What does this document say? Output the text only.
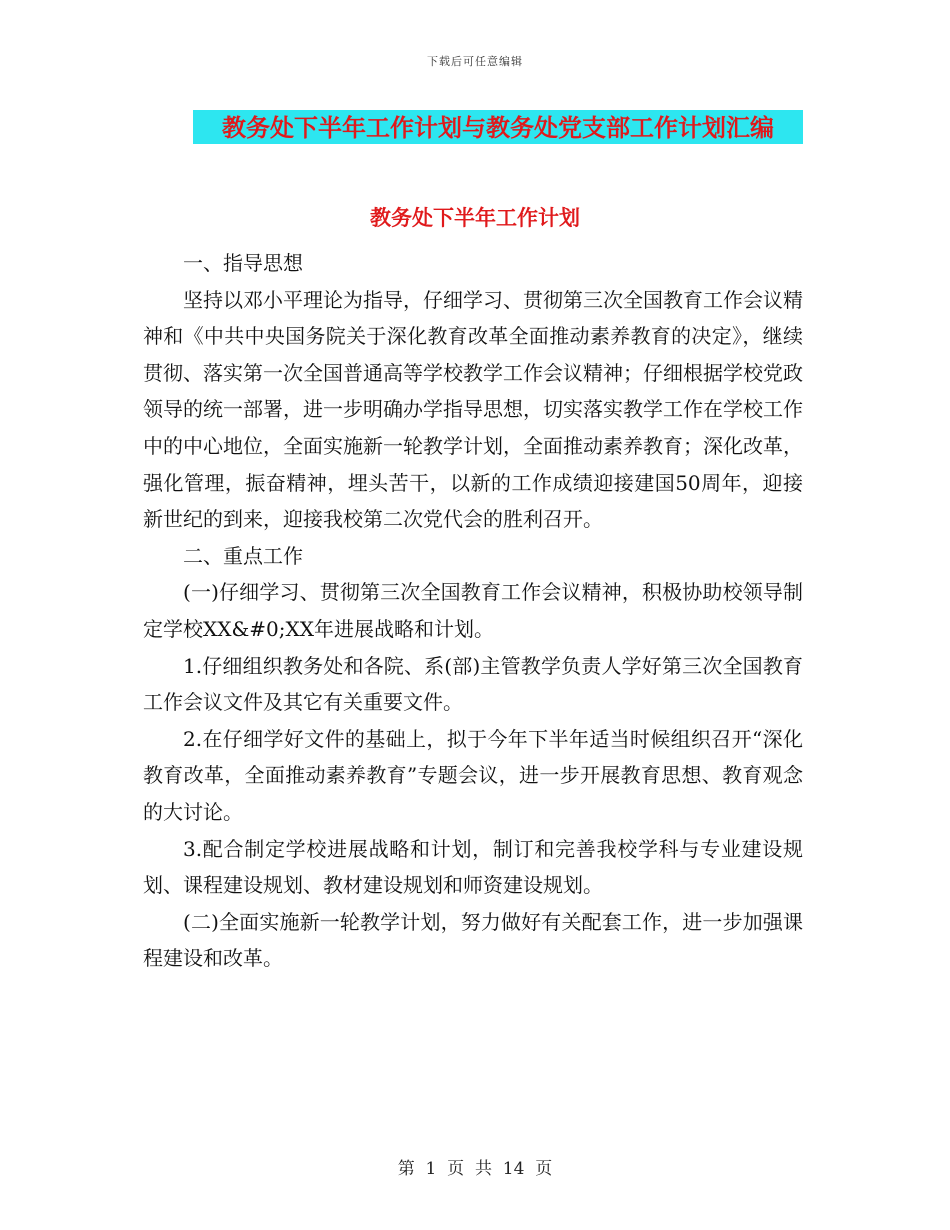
下载后可任意编辑
教务处下半年工作计划与教务处党支部工作计划汇编
教务处下半年工作计划

一、指导思想

坚持以邓小平理论为指导，仔细学习、贯彻第三次全国教育工作会议精神和《中共中央国务院关于深化教育改革全面推动素养教育的决定》，继续贯彻、落实第一次全国普通高等学校教学工作会议精神；仔细根据学校党政领导的统一部署，进一步明确办学指导思想，切实落实教学工作在学校工作中的中心地位，全面实施新一轮教学计划，全面推动素养教育；深化改革，强化管理，振奋精神，埋头苦干，以新的工作成绩迎接建国50周年，迎接新世纪的到来，迎接我校第二次党代会的胜利召开。

二、重点工作

(一)仔细学习、贯彻第三次全国教育工作会议精神，积极协助校领导制定学校XX&#0;XX年进展战略和计划。

1.仔细组织教务处和各院、系(部)主管教学负责人学好第三次全国教育工作会议文件及其它有关重要文件。

2.在仔细学好文件的基础上，拟于今年下半年适当时候组织召开“深化教育改革，全面推动素养教育”专题会议，进一步开展教育思想、教育观念的大讨论。

3.配合制定学校进展战略和计划，制订和完善我校学科与专业建设规划、课程建设规划、教材建设规划和师资建设规划。

(二)全面实施新一轮教学计划，努力做好有关配套工作，进一步加强课程建设和改革。

第  1  页  共  14  页
